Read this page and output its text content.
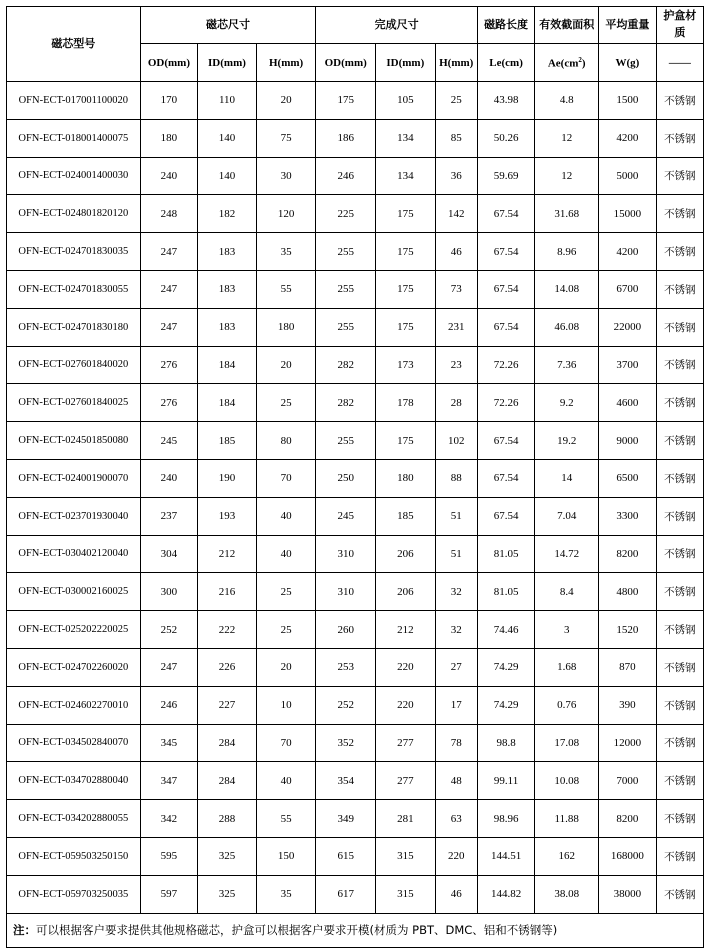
磁芯型号	磁芯尺寸			完成尺寸			磁路长度	有效截面积	平均重量	护盒材质
	OD(mm)	ID(mm)	H(mm)	OD(mm)	ID(mm)	H(mm)	Le(cm)	$Ae(cm^2)$	W(g)	——
OFN-ECT-017001100020	170	110	20	175	105	25	43.98	4.8	1500	不锈钢
OFN-ECT-018001400075	180	140	75	186	134	85	50.26	12	4200	不锈钢
OFN-ECT-024001400030	240	140	30	246	134	36	59.69	12	5000	不锈钢
OFN-ECT-024801820120	248	182	120	225	175	142	67.54	31.68	15000	不锈钢
OFN-ECT-024701830035	247	183	35	255	175	46	67.54	8.96	4200	不锈钢
OFN-ECT-024701830055	247	183	55	255	175	73	67.54	14.08	6700	不锈钢
OFN-ECT-024701830180	247	183	180	255	175	231	67.54	46.08	22000	不锈钢
OFN-ECT-027601840020	276	184	20	282	173	23	72.26	7.36	3700	不锈钢
OFN-ECT-027601840025	276	184	25	282	178	28	72.26	9.2	4600	不锈钢
OFN-ECT-024501850080	245	185	80	255	175	102	67.54	19.2	9000	不锈钢
OFN-ECT-024001900070	240	190	70	250	180	88	67.54	14	6500	不锈钢
OFN-ECT-023701930040	237	193	40	245	185	51	67.54	7.04	3300	不锈钢
OFN-ECT-030402120040	304	212	40	310	206	51	81.05	14.72	8200	不锈钢
OFN-ECT-030002160025	300	216	25	310	206	32	81.05	8.4	4800	不锈钢
OFN-ECT-025202220025	252	222	25	260	212	32	74.46	3	1520	不锈钢
OFN-ECT-024702260020	247	226	20	253	220	27	74.29	1.68	870	不锈钢
OFN-ECT-024602270010	246	227	10	252	220	17	74.29	0.76	390	不锈钢
OFN-ECT-034502840070	345	284	70	352	277	78	98.8	17.08	12000	不锈钢
OFN-ECT-034702880040	347	284	40	354	277	48	99.11	10.08	7000	不锈钢
OFN-ECT-034202880055	342	288	55	349	281	63	98.96	11.88	8200	不锈钢
OFN-ECT-059503250150	595	325	150	615	315	220	144.51	162	168000	不锈钢
OFN-ECT-059703250035	597	325	35	617	315	46	144.82	38.08	38000	不锈钢
注：可以根据客户要求提供其他规格磁芯，护盒可以根据客户要求开模(材质为 PBT、DMC、铝和不锈钢等)										
